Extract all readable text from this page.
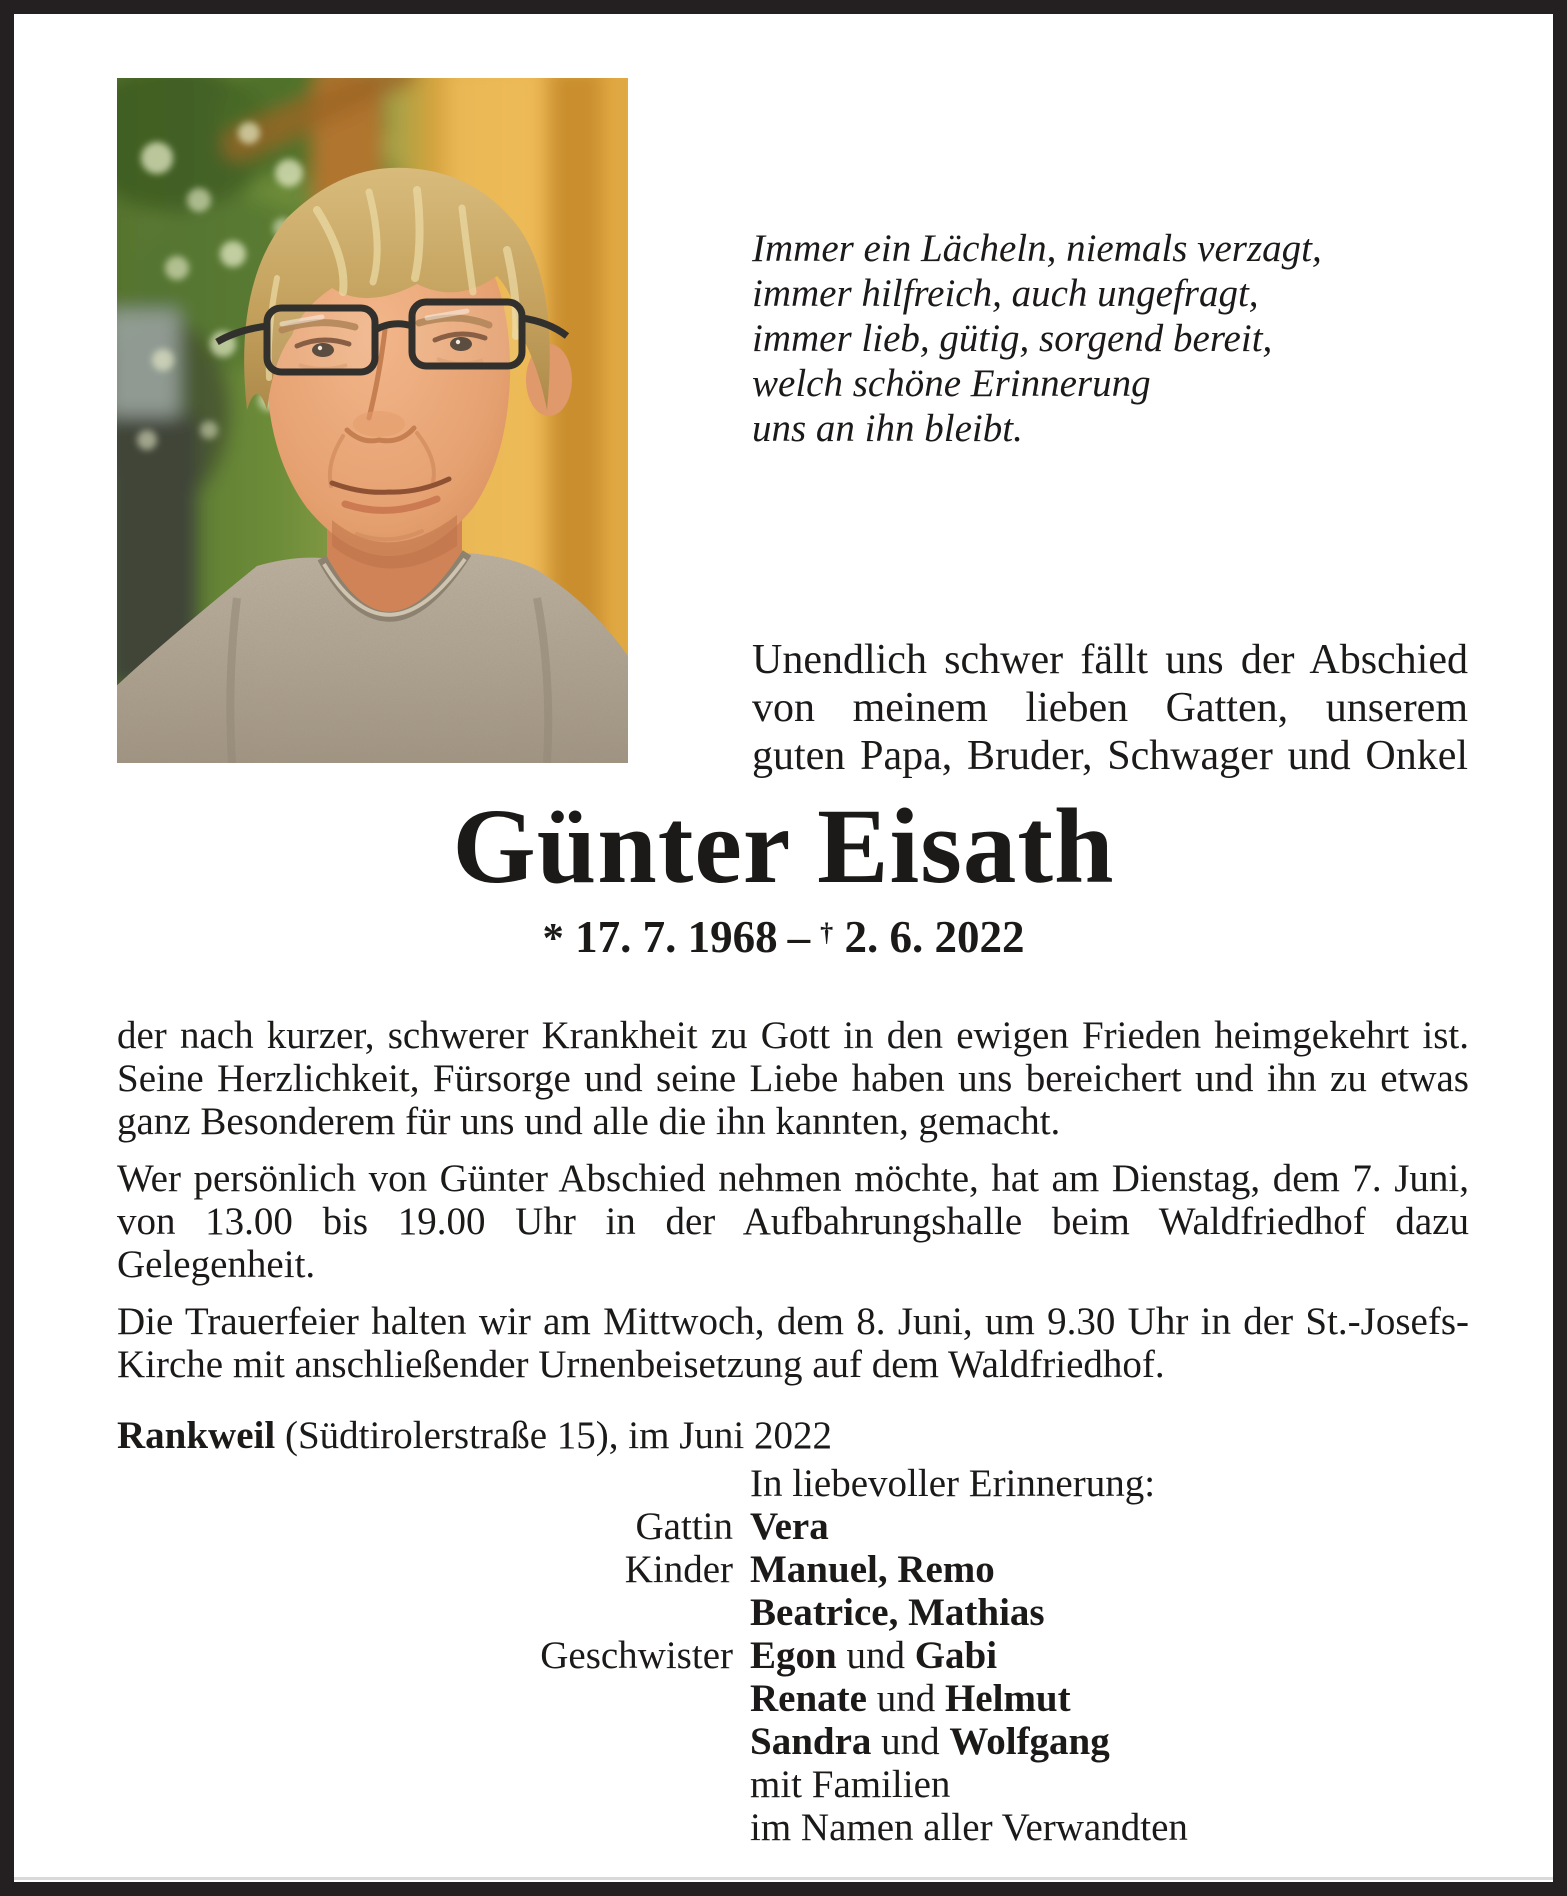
Immer ein Lächeln, niemals verzagt,
immer hilfreich, auch ungefragt,
immer lieb, gütig, sorgend bereit,
welch schöne Erinnerung
uns an ihn bleibt.
Unendlich schwer fällt uns der Abschied
von meinem lieben Gatten, unserem
guten Papa, Bruder, Schwager und Onkel
Günter Eisath
* 17. 7. 1968 – † 2. 6. 2022
der nach kurzer, schwerer Krankheit zu Gott in den ewigen Frieden heimgekehrt ist. Seine Herzlichkeit, Fürsorge und seine Liebe haben uns bereichert und ihn zu etwas ganz Besonderem für uns und alle die ihn kannten, gemacht.
Wer persönlich von Günter Abschied nehmen möchte, hat am Dienstag, dem 7. Juni, von 13.00 bis 19.00 Uhr in der Aufbahrungshalle beim Waldfriedhof dazu Gelegenheit.
Die Trauerfeier halten wir am Mittwoch, dem 8. Juni, um 9.30 Uhr in der St.-Josefs-Kirche mit anschließender Urnenbeisetzung auf dem Waldfriedhof.
Rankweil (Südtirolerstraße 15), im Juni 2022
In liebevoller Erinnerung:
Gattin Vera
Kinder Manuel, Remo
Beatrice, Mathias
Geschwister Egon und Gabi
Renate und Helmut
Sandra und Wolfgang
mit Familien
im Namen aller Verwandten
